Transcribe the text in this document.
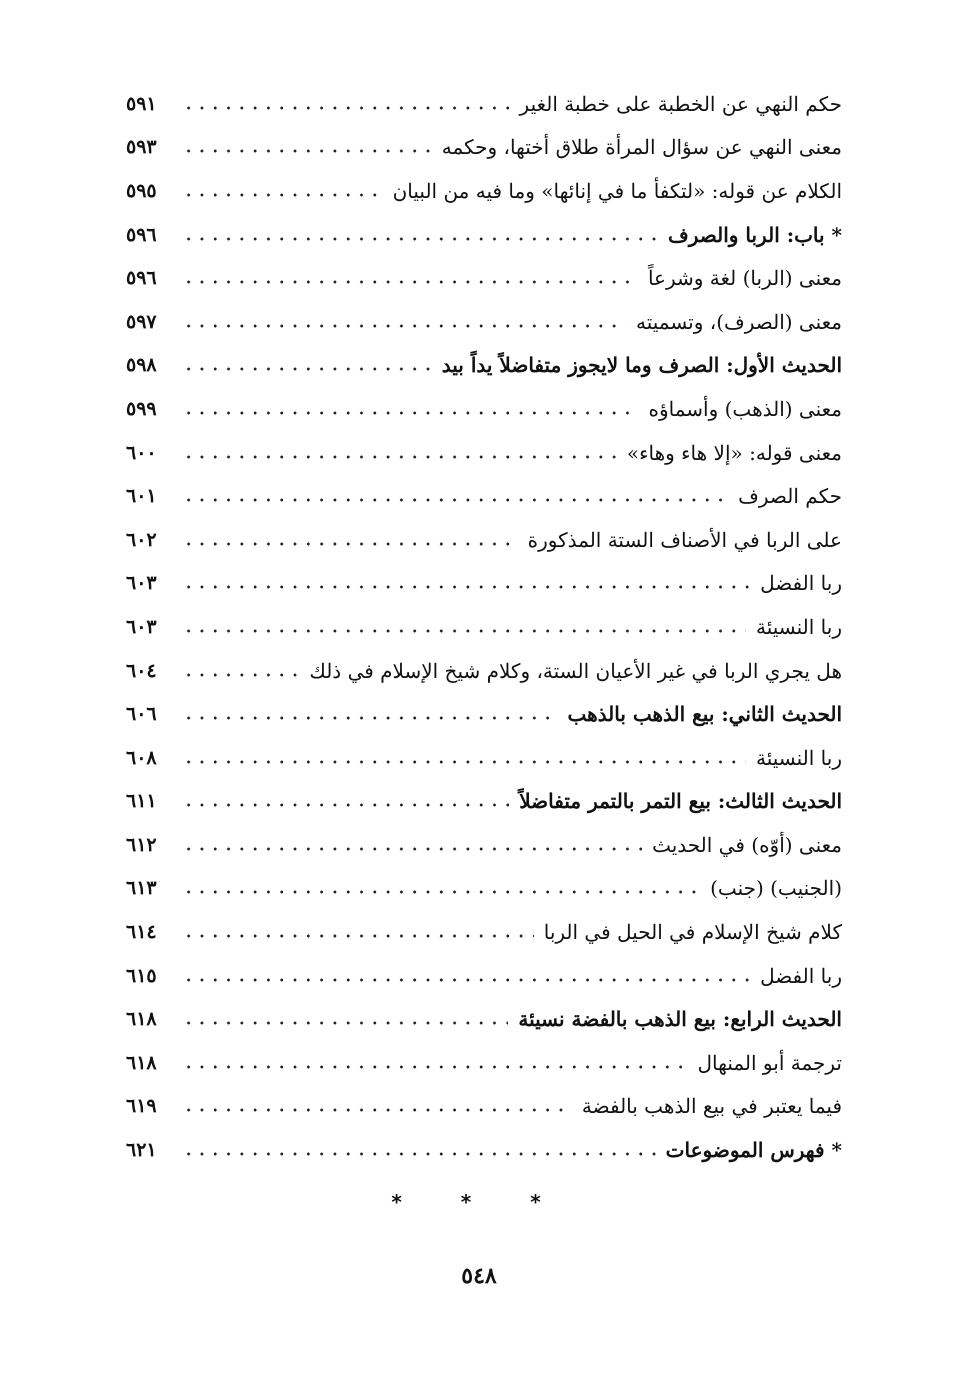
٥٩١	حكم النهي عن الخطبة على خطبة الغير
٥٩٣	معنى النهي عن سؤال المرأة طلاق أختها، وحكمه
٥٩٥	الكلام عن قوله: «لتكفأ ما في إنائها» وما فيه من البيان
٥٩٦	* باب: الربا والصرف
٥٩٦	معنى (الربا) لغة وشرعاً
٥٩٧	معنى (الصرف)، وتسميته
٥٩٨	الحديث الأول: الصرف وما لايجوز متفاضلاً يداً بيد
٥٩٩	معنى (الذهب) وأسماؤه
٦٠٠	معنى قوله: «إلا هاء وهاء»
٦٠١	حكم الصرف
٦٠٢	على الربا في الأصناف الستة المذكورة
٦٠٣	ربا الفضل
٦٠٣	ربا النسيئة
٦٠٤	هل يجري الربا في غير الأعيان الستة، وكلام شيخ الإسلام في ذلك
٦٠٦	الحديث الثاني: بيع الذهب بالذهب
٦٠٨	ربا النسيئة
٦١١	الحديث الثالث: بيع التمر بالتمر متفاضلاً
٦١٢	معنى (أوّه) في الحديث
٦١٣	(الجنيب) (جنب)
٦١٤	كلام شيخ الإسلام في الحيل في الربا
٦١٥	ربا الفضل
٦١٨	الحديث الرابع: بيع الذهب بالفضة نسيئة
٦١٨	ترجمة أبو المنهال
٦١٩	فيما يعتبر في بيع الذهب بالفضة
٦٢١	* فهرس الموضوعات
* * *
٥٤٨
